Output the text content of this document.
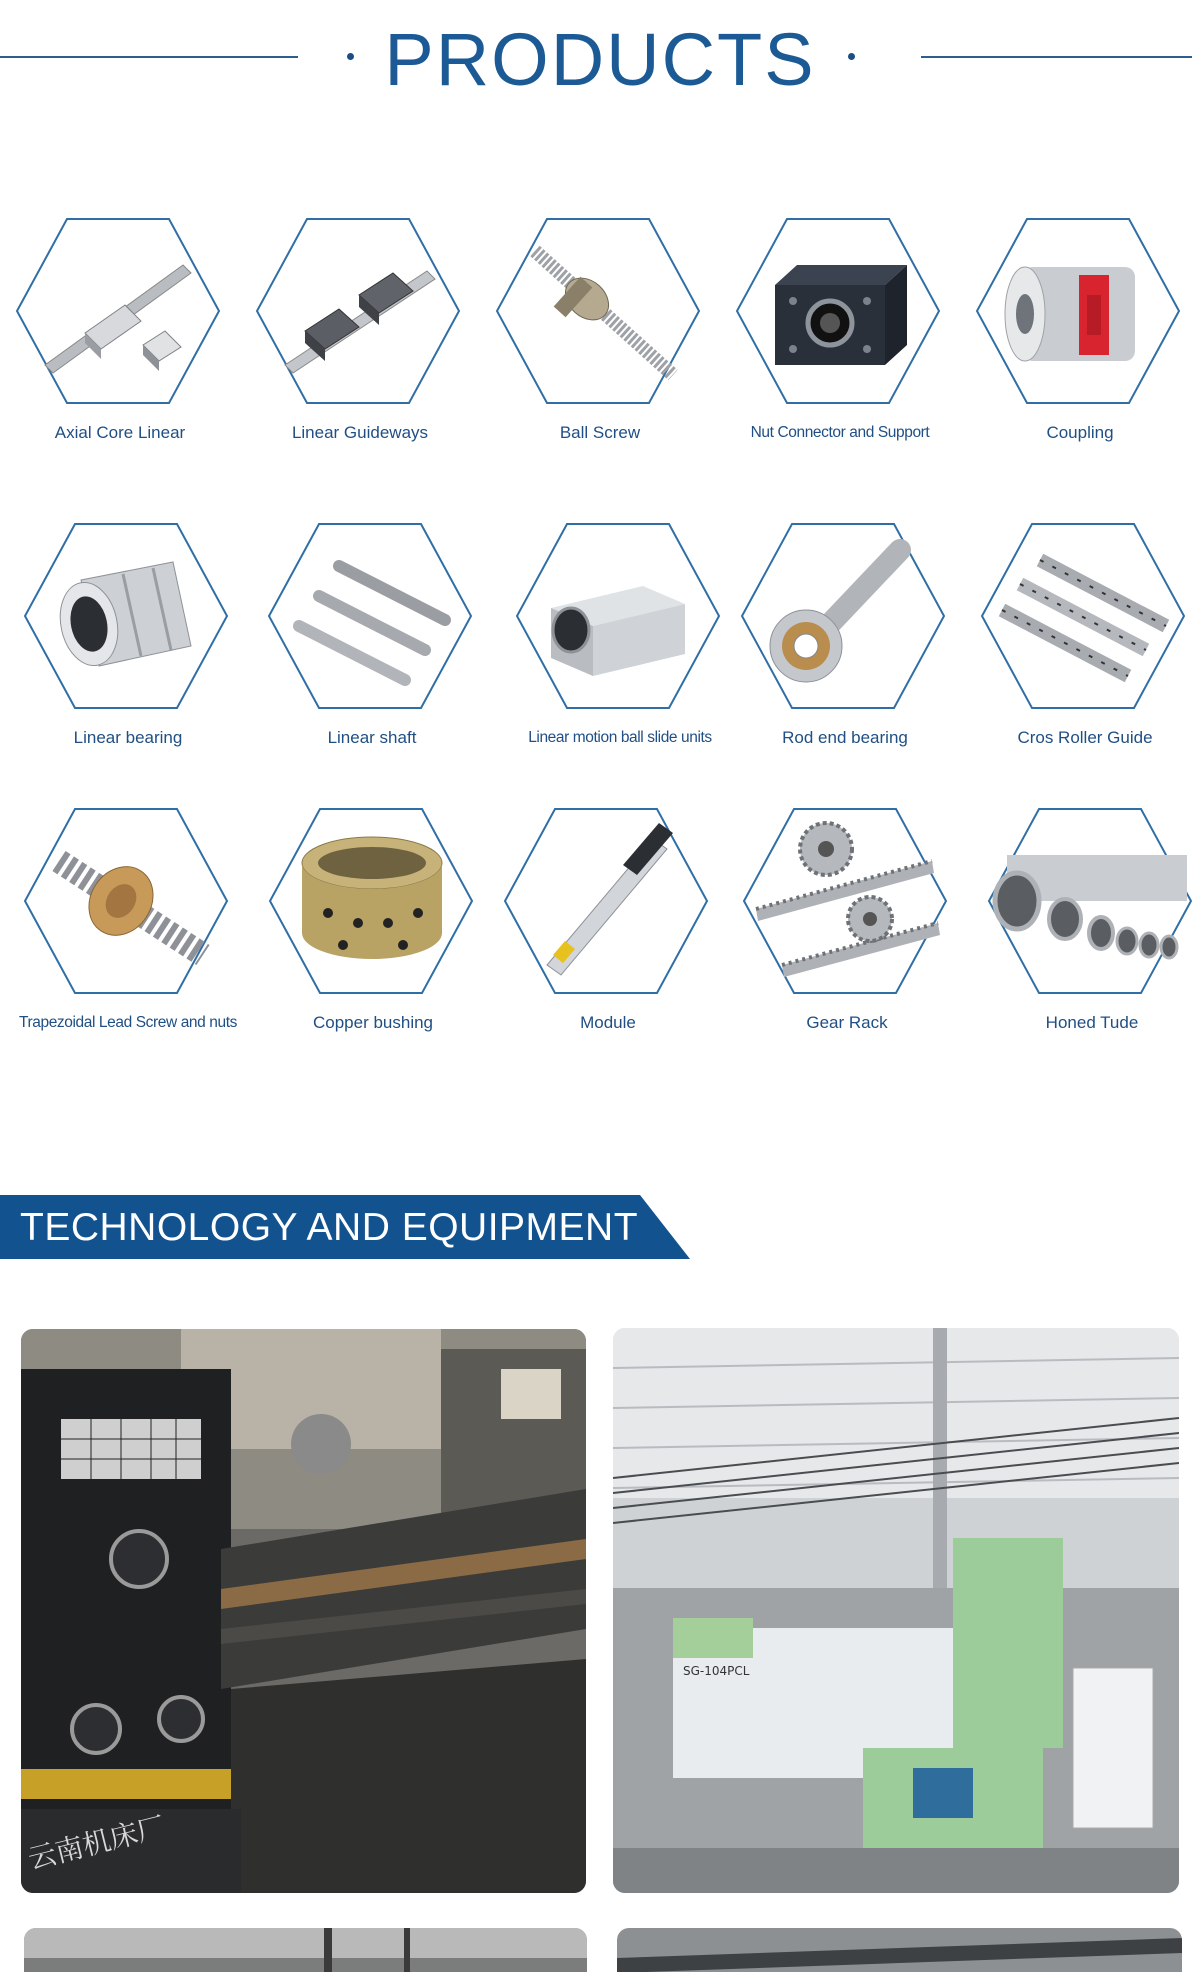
PRODUCTS
Axial Core Linear	Linear Guideways	Ball Screw	Nut Connector and Support	Coupling
Linear bearing	Linear shaft	Linear motion ball slide units	Rod end bearing	Cros Roller Guide
Trapezoidal Lead Screw and nuts	Copper bushing	Module	Gear Rack	Honed Tude
TECHNOLOGY AND EQUIPMENT
云南机床厂
SG-104PCL
